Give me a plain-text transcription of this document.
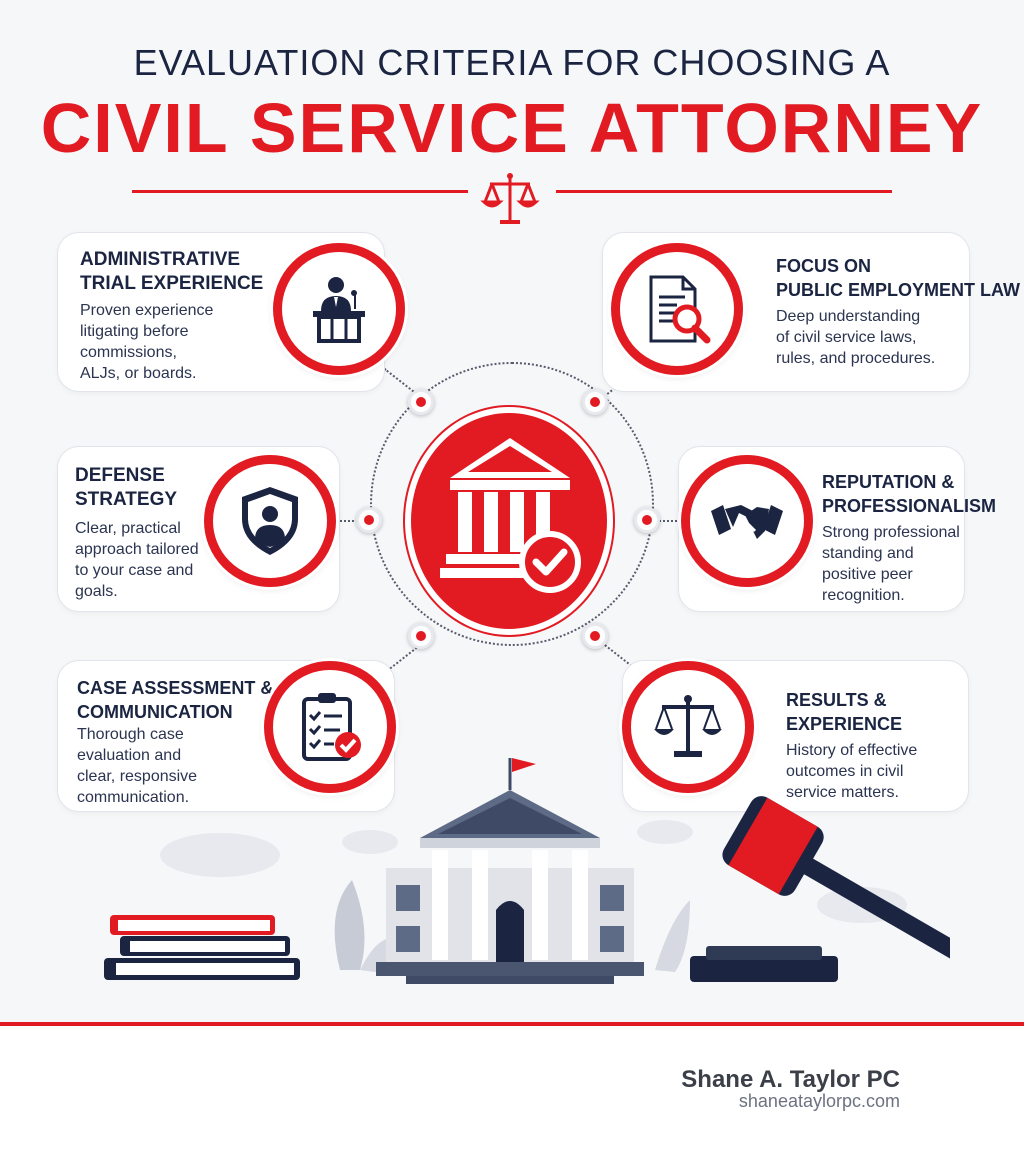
EVALUATION CRITERIA FOR CHOOSING A
CIVIL SERVICE ATTORNEY
ADMINISTRATIVE
TRIAL EXPERIENCE
Proven experience
litigating before
commissions,
ALJs, or boards.
FOCUS ON
PUBLIC EMPLOYMENT LAW
Deep understanding
of civil service laws,
rules, and procedures.
DEFENSE
STRATEGY
Clear, practical
approach tailored
to your case and
goals.
REPUTATION &
PROFESSIONALISM
Strong professional
standing and
positive peer
recognition.
CASE ASSESSMENT &
COMMUNICATION
Thorough case
evaluation and
clear, responsive
communication.
RESULTS &
EXPERIENCE
History of effective
outcomes in civil
service matters.
Shane A. Taylor PC
shaneataylorpc.com
